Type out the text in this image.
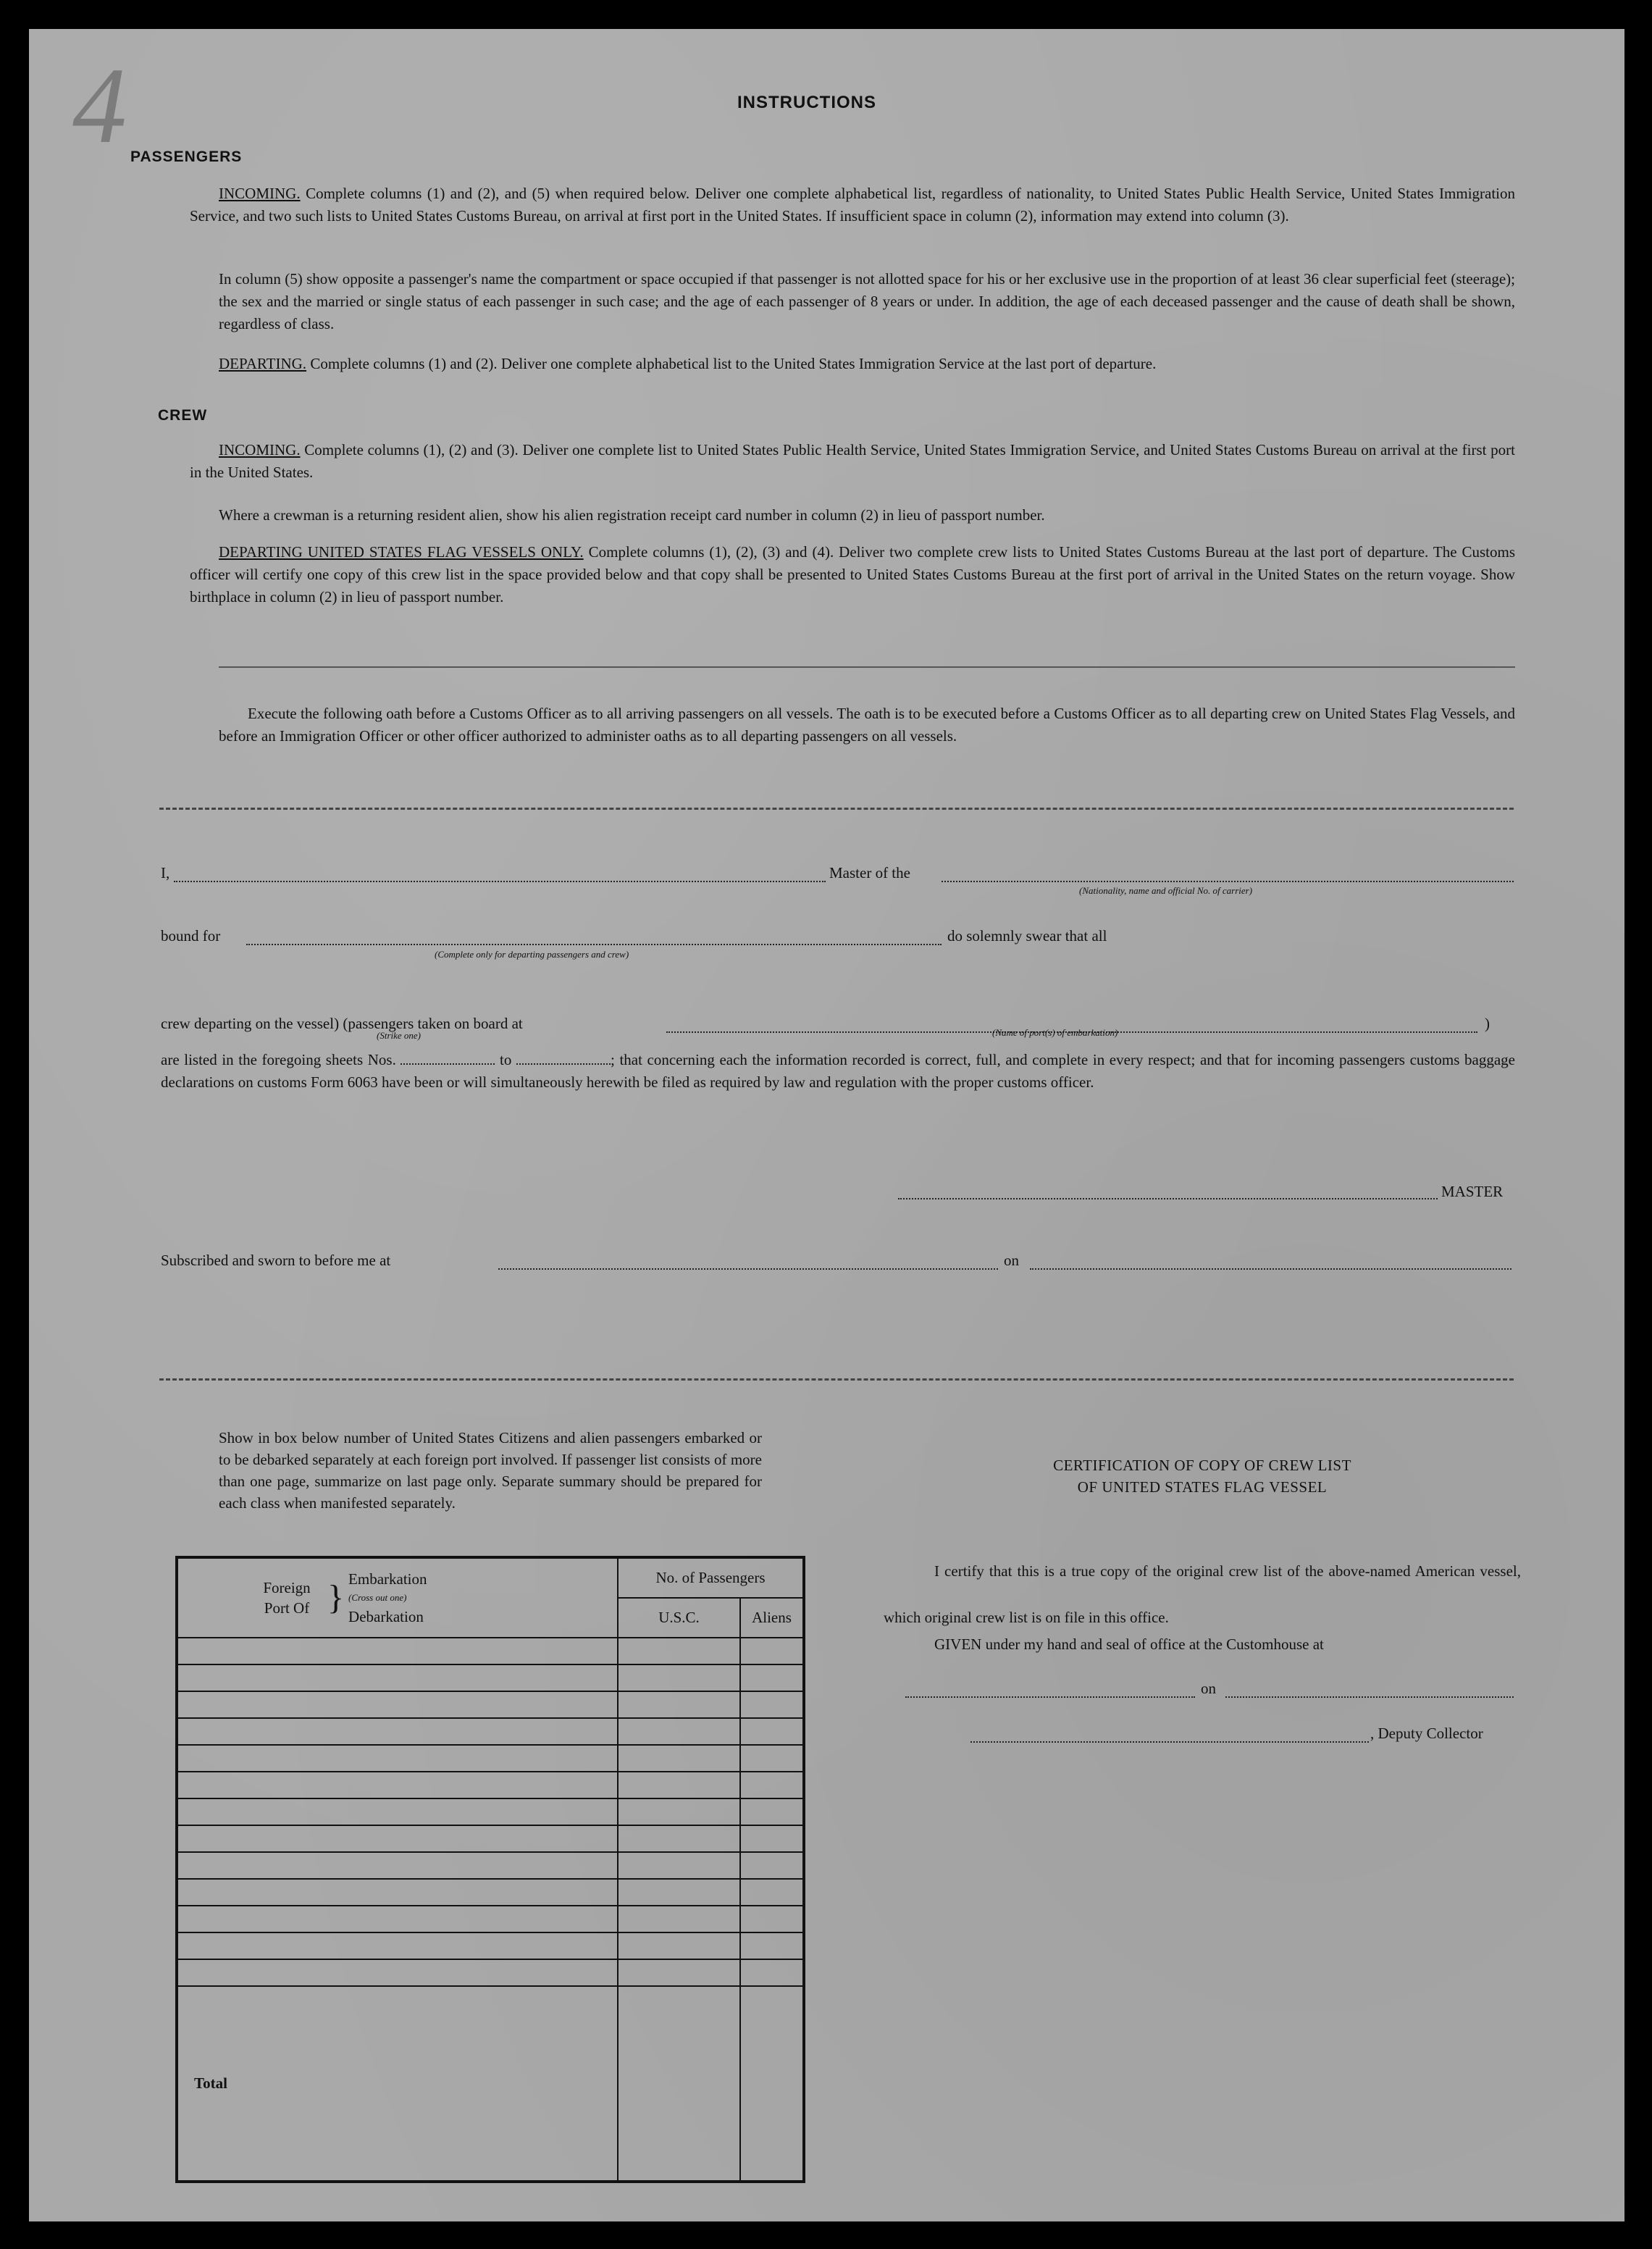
4	INSTRUCTIONS
PASSENGERS
INCOMING. Complete columns (1) and (2), and (5) when required below. Deliver one complete alphabetical list, regardless of nationality, to United States Public Health Service, United States Immigration Service, and two such lists to United States Customs Bureau, on arrival at first port in the United States. If insufficient space in column (2), information may extend into column (3).
In column (5) show opposite a passenger's name the compartment or space occupied if that passenger is not allotted space for his or her exclusive use in the proportion of at least 36 clear superficial feet (steerage); the sex and the married or single status of each passenger in such case; and the age of each passenger of 8 years or under. In addition, the age of each deceased passenger and the cause of death shall be shown, regardless of class.
DEPARTING. Complete columns (1) and (2). Deliver one complete alphabetical list to the United States Immigration Service at the last port of departure.
CREW
INCOMING. Complete columns (1), (2) and (3). Deliver one complete list to United States Public Health Service, United States Immigration Service, and United States Customs Bureau on arrival at the first port in the United States.
Where a crewman is a returning resident alien, show his alien registration receipt card number in column (2) in lieu of passport number.
DEPARTING UNITED STATES FLAG VESSELS ONLY. Complete columns (1), (2), (3) and (4). Deliver two complete crew lists to United States Customs Bureau at the last port of departure. The Customs officer will certify one copy of this crew list in the space provided below and that copy shall be presented to United States Customs Bureau at the first port of arrival in the United States on the return voyage. Show birthplace in column (2) in lieu of passport number.
Execute the following oath before a Customs Officer as to all arriving passengers on all vessels. The oath is to be executed before a Customs Officer as to all departing crew on United States Flag Vessels, and before an Immigration Officer or other officer authorized to administer oaths as to all departing passengers on all vessels.
I,	Master of the
(Nationality, name and official No. of carrier)
bound for
(Complete only for departing passengers and crew)
do solemnly swear that all
crew departing on the vessel) (passengers taken on board at
(Strike one)	(Name of port(s) of embarkation)
)
are listed in the foregoing sheets Nos.	to	; that concerning each the information recorded is correct, full, and complete in every respect; and that for incoming passengers customs baggage declarations on customs Form 6063 have been or will simultaneously herewith be filed as required by law and regulation with the proper customs officer.
MASTER
Subscribed and sworn to before me at	on
Show in box below number of United States Citizens and alien passengers embarked or to be debarked separately at each foreign port involved. If passenger list consists of more than one page, summarize on last page only. Separate summary should be prepared for each class when manifested separately.
Foreign Port Of } Embarkation
(Cross out one)
Debarkation	No. of Passengers	
	U.S.C.	Aliens

Total		
CERTIFICATION OF COPY OF CREW LIST
OF UNITED STATES FLAG VESSEL
I certify that this is a true copy of the original crew list of the above-named American vessel, which original crew list is on file in this office.
GIVEN under my hand and seal of office at the Customhouse at
on
, Deputy Collector
